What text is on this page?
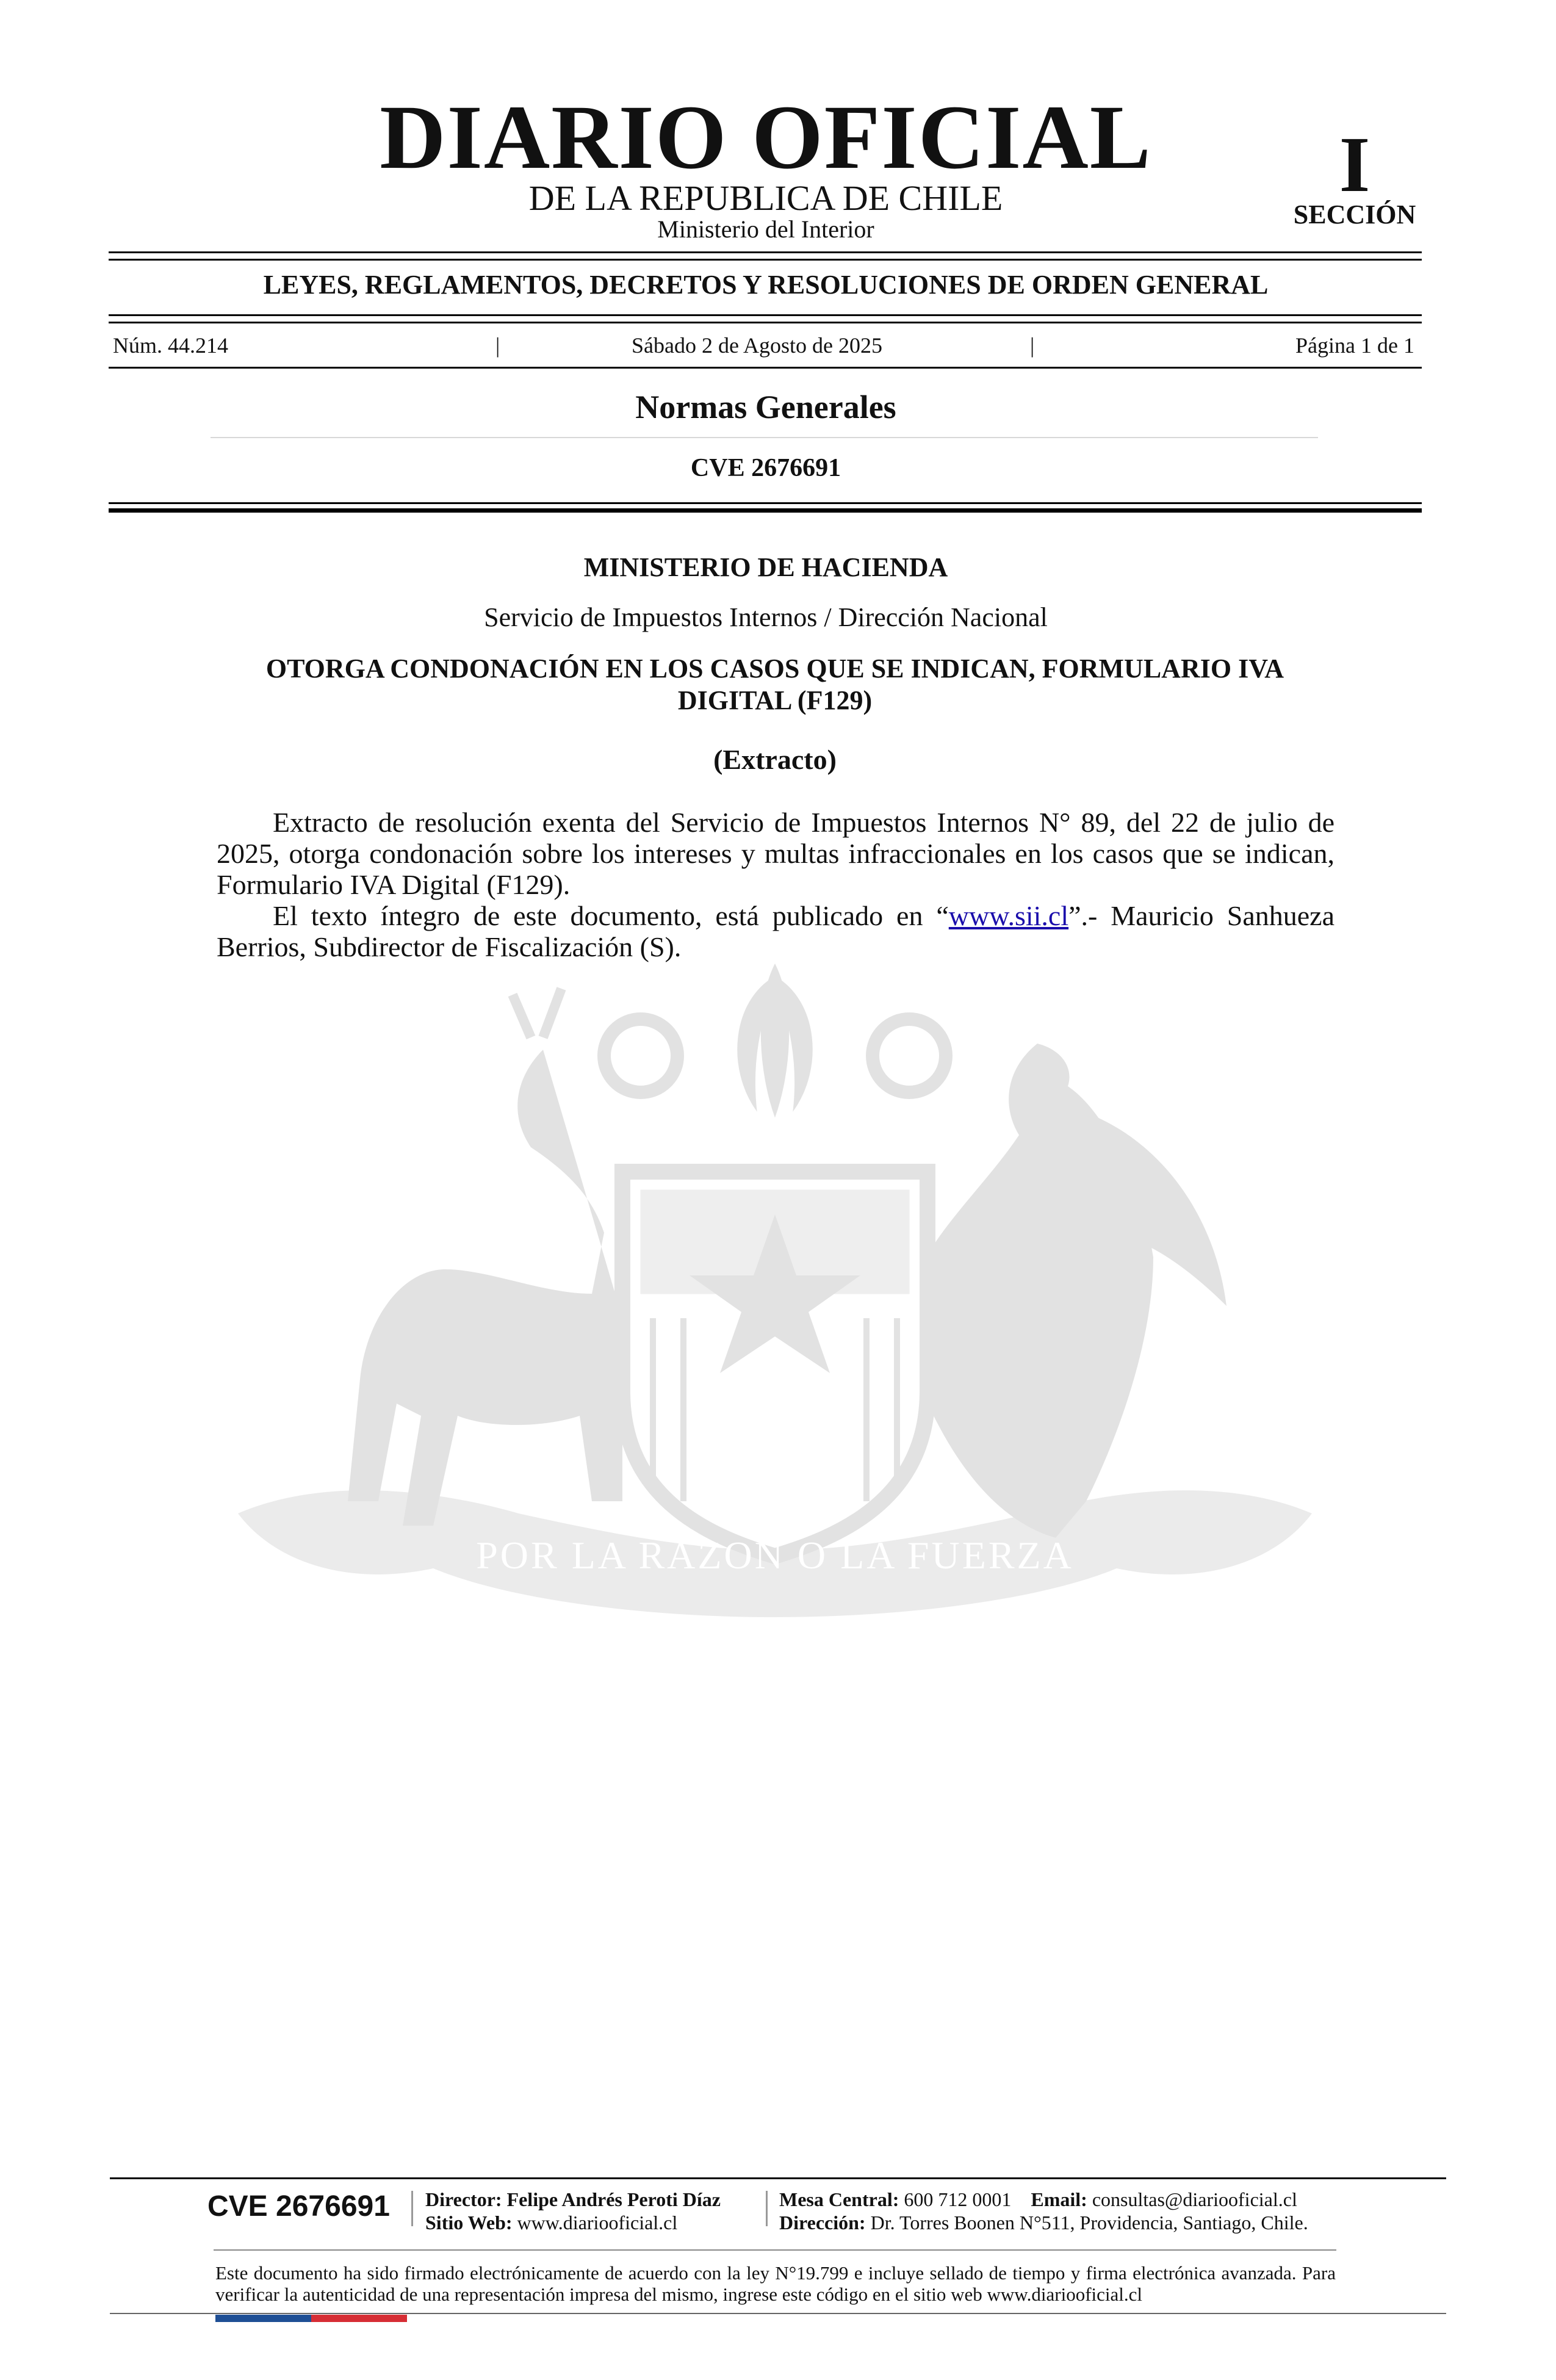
DIARIO OFICIAL
DE LA REPUBLICA DE CHILE
Ministerio del Interior
I
SECCIÓN
LEYES, REGLAMENTOS, DECRETOS Y RESOLUCIONES DE ORDEN GENERAL
Núm. 44.214	|	Sábado 2 de Agosto de 2025	|	Página 1 de 1
Normas Generales
CVE 2676691
POR LA RAZON O LA FUERZA
MINISTERIO DE HACIENDA
Servicio de Impuestos Internos / Dirección Nacional
OTORGA CONDONACIÓN EN LOS CASOS QUE SE INDICAN, FORMULARIO IVA DIGITAL (F129)
(Extracto)

Extracto de resolución exenta del Servicio de Impuestos Internos N° 89, del 22 de julio de 2025, otorga condonación sobre los intereses y multas infraccionales en los casos que se indican, Formulario IVA Digital (F129).

El texto íntegro de este documento, está publicado en “www.sii.cl”.- Mauricio Sanhueza Berrios, Subdirector de Fiscalización (S).

CVE 2676691 Director: Felipe Andrés Peroti Díaz
Sitio Web: www.diariooficial.cl
Mesa Central: 600 712 0001 Email: consultas@diariooficial.cl
Dirección: Dr. Torres Boonen N°511, Providencia, Santiago, Chile.

Este documento ha sido firmado electrónicamente de acuerdo con la ley N°19.799 e incluye sellado de tiempo y firma electrónica avanzada. Para verificar la autenticidad de una representación impresa del mismo, ingrese este código en el sitio web www.diariooficial.cl
